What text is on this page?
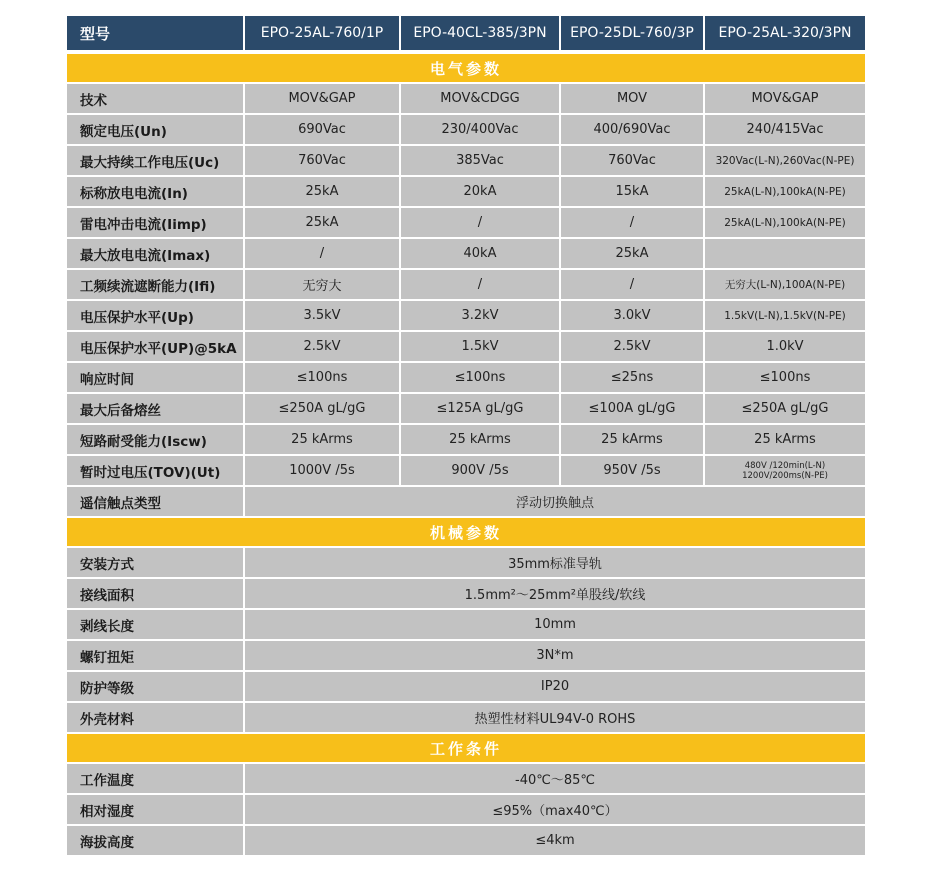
型号	EPO-25AL-760/1P	EPO-40CL-385/3PN	EPO-25DL-760/3P	EPO-25AL-320/3PN
电气参数
技术	MOV&GAP	MOV&CDGG	MOV	MOV&GAP
额定电压(Un)	690Vac	230/400Vac	400/690Vac	240/415Vac
最大持续工作电压(Uc)	760Vac	385Vac	760Vac	320Vac(L-N),260Vac(N-PE)
标称放电电流(In)	25kA	20kA	15kA	25kA(L-N),100kA(N-PE)
雷电冲击电流(Iimp)	25kA	/	/	25kA(L-N),100kA(N-PE)
最大放电电流(Imax)	/	40kA	25kA
工频续流遮断能力(Ifi)	无穷大	/	/	无穷大(L-N),100A(N-PE)
电压保护水平(Up)	3.5kV	3.2kV	3.0kV	1.5kV(L-N),1.5kV(N-PE)
电压保护水平(UP)@5kA	2.5kV	1.5kV	2.5kV	1.0kV
响应时间	≤100ns	≤100ns	≤25ns	≤100ns
最大后备熔丝	≤250A gL/gG	≤125A gL/gG	≤100A gL/gG	≤250A gL/gG
短路耐受能力(Iscw)	25 kArms	25 kArms	25 kArms	25 kArms
暂时过电压(TOV)(Ut)	1000V /5s	900V /5s	950V /5s	480V /120min(L-N)
1200V/200ms(N-PE)
遥信触点类型	浮动切换触点
机械参数
安装方式	35mm标准导轨
接线面积	1.5mm²～25mm²单股线/软线
剥线长度	10mm
螺钉扭矩	3N*m
防护等级	IP20
外壳材料	热塑性材料UL94V-0 ROHS
工作条件
工作温度	-40℃～85℃
相对湿度	≤95%（max40℃）
海拔高度	≤4km
